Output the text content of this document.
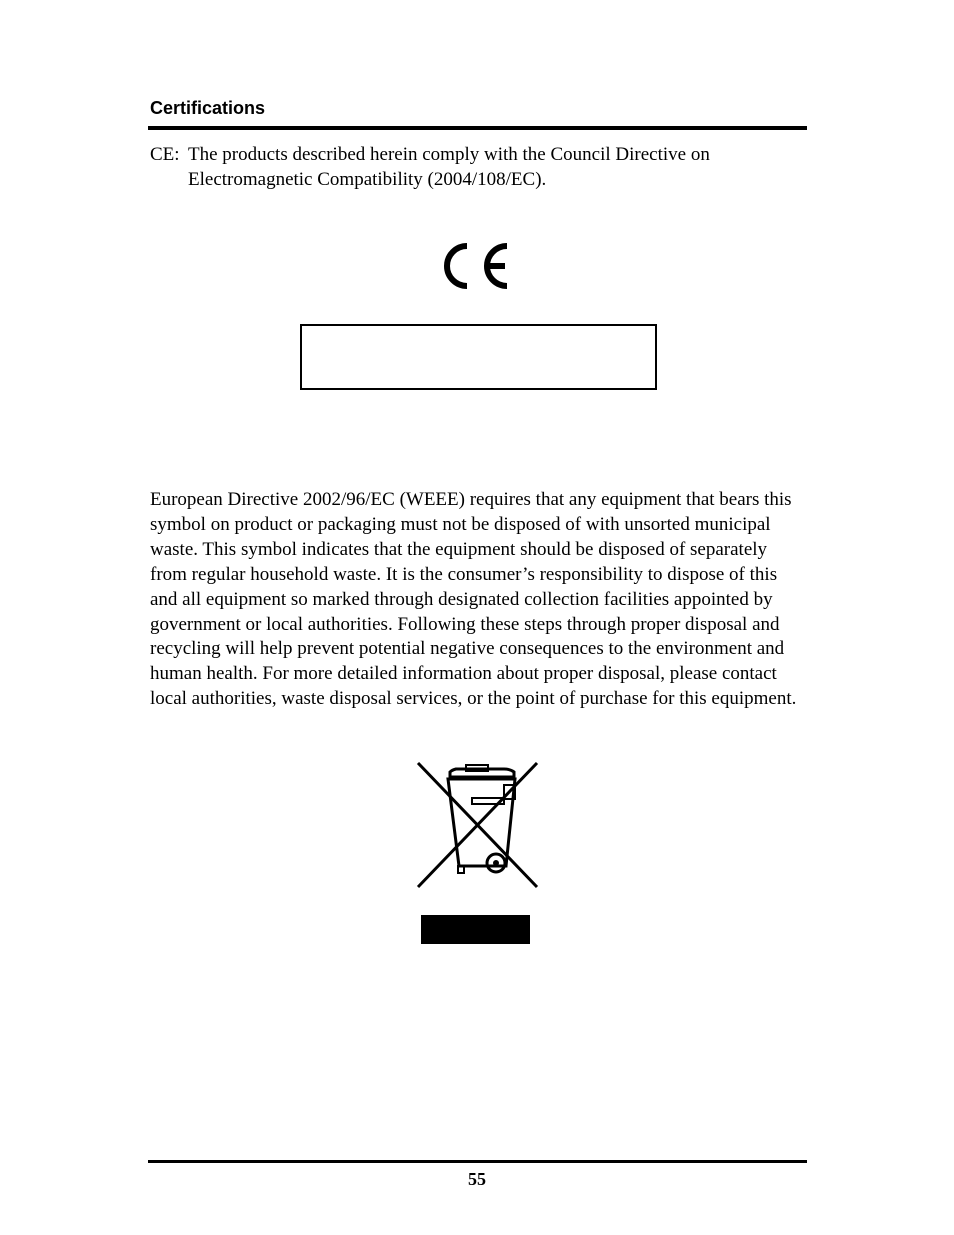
Certifications
CE: The products described herein comply with the Council Directive on Electromagnetic Compatibility (2004/108/EC).

European Directive 2002/96/EC (WEEE) requires that any equipment that bears this

symbol on product or packaging must not be disposed of with unsorted municipal

waste. This symbol indicates that the equipment should be disposed of separately

from regular household waste. It is the consumer’s responsibility to dispose of this

and all equipment so marked through designated collection facilities appointed by

government or local authorities. Following these steps through proper disposal and

recycling will help prevent potential negative consequences to the environment and

human health. For more detailed information about proper disposal, please contact

local authorities, waste disposal services, or the point of purchase for this equipment.

55
